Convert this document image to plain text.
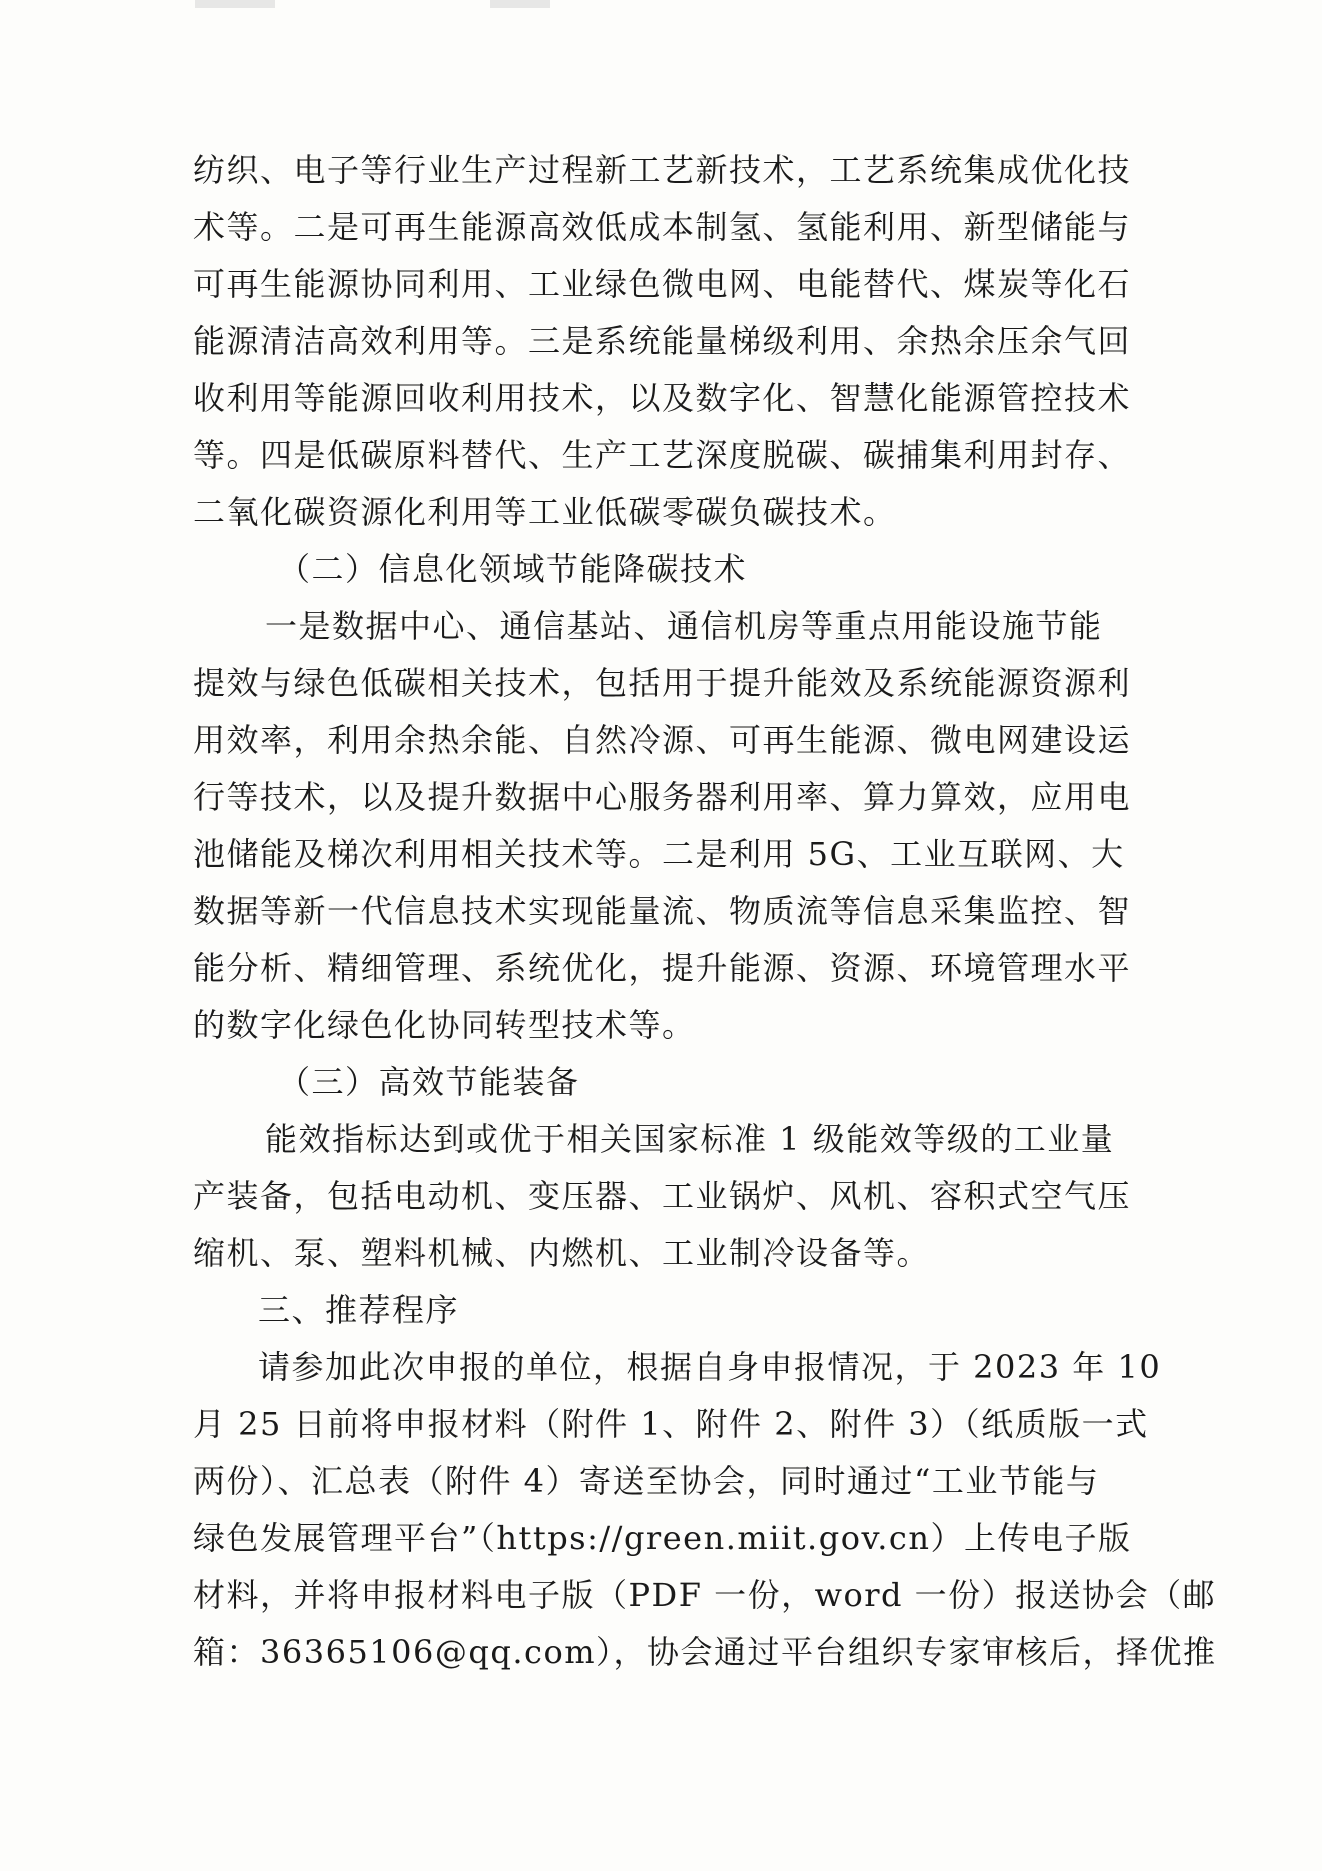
纺织、电子等行业生产过程新工艺新技术，工艺系统集成优化技
术等。二是可再生能源高效低成本制氢、氢能利用、新型储能与
可再生能源协同利用、工业绿色微电网、电能替代、煤炭等化石
能源清洁高效利用等。三是系统能量梯级利用、余热余压余气回
收利用等能源回收利用技术，以及数字化、智慧化能源管控技术
等。四是低碳原料替代、生产工艺深度脱碳、碳捕集利用封存、
二氧化碳资源化利用等工业低碳零碳负碳技术。
（二）信息化领域节能降碳技术
一是数据中心、通信基站、通信机房等重点用能设施节能
提效与绿色低碳相关技术，包括用于提升能效及系统能源资源利
用效率，利用余热余能、自然冷源、可再生能源、微电网建设运
行等技术，以及提升数据中心服务器利用率、算力算效，应用电
池储能及梯次利用相关技术等。二是利用 5G、工业互联网、大
数据等新一代信息技术实现能量流、物质流等信息采集监控、智
能分析、精细管理、系统优化，提升能源、资源、环境管理水平
的数字化绿色化协同转型技术等。
（三）高效节能装备
能效指标达到或优于相关国家标准 1 级能效等级的工业量
产装备，包括电动机、变压器、工业锅炉、风机、容积式空气压
缩机、泵、塑料机械、内燃机、工业制冷设备等。
三、推荐程序
请参加此次申报的单位，根据自身申报情况，于 2023 年 10
月 25 日前将申报材料（附件 1、附件 2、附件 3）（纸质版一式
两份）、汇总表（附件 4）寄送至协会，同时通过“工业节能与
绿色发展管理平台”（https://green.miit.gov.cn）上传电子版
材料，并将申报材料电子版（PDF 一份，word 一份）报送协会（邮
箱：36365106@qq.com），协会通过平台组织专家审核后，择优推
